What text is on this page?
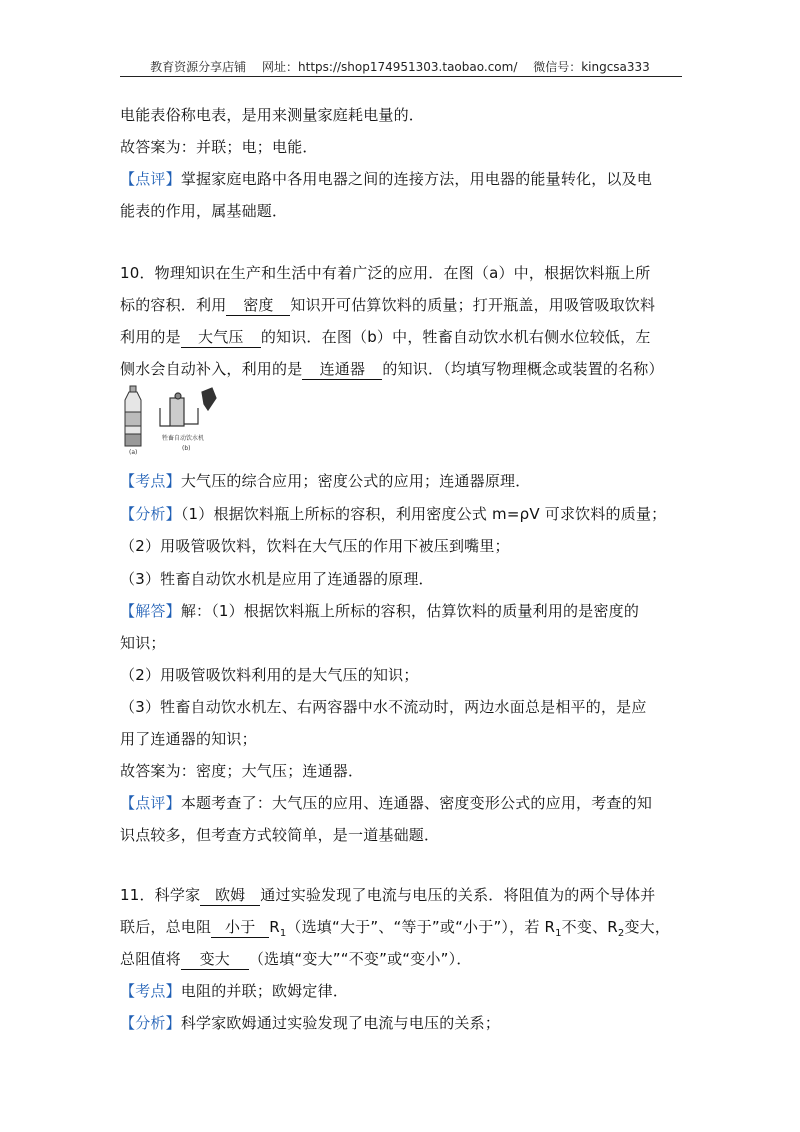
教育资源分享店铺 网址：https://shop174951303.taobao.com/ 微信号：kingcsa333
电能表俗称电表，是用来测量家庭耗电量的．
故答案为：并联；电；电能．
【点评】掌握家庭电路中各用电器之间的连接方法，用电器的能量转化，以及电
能表的作用，属基础题．
10．物理知识在生产和生活中有着广泛的应用．在图（a）中，根据饮料瓶上所
标的容积．利用 密度 知识开可估算饮料的质量；打开瓶盖，用吸管吸取饮料
利用的是 大气压 的知识．在图（b）中，牲畜自动饮水机右侧水位较低，左
侧水会自动补入，利用的是 连通器 的知识．（均填写物理概念或装置的名称）
(a)
牲畜自动饮水机
(b)
【考点】大气压的综合应用；密度公式的应用；连通器原理．
【分析】（1）根据饮料瓶上所标的容积，利用密度公式 m=ρV 可求饮料的质量；
（2）用吸管吸饮料，饮料在大气压的作用下被压到嘴里；
（3）牲畜自动饮水机是应用了连通器的原理．
【解答】解：（1）根据饮料瓶上所标的容积，估算饮料的质量利用的是密度的
知识；
（2）用吸管吸饮料利用的是大气压的知识；
（3）牲畜自动饮水机左、右两容器中水不流动时，两边水面总是相平的，是应
用了连通器的知识；
故答案为：密度；大气压；连通器．
【点评】本题考查了：大气压的应用、连通器、密度变形公式的应用，考查的知
识点较多，但考查方式较简单，是一道基础题．
11．科学家 欧姆 通过实验发现了电流与电压的关系．将阻值为的两个导体并
联后，总电阻 小于 $R_1$（选填“大于”、“等于”或“小于”），若 $R_1$不变、$R_2$变大，
总阻值将 变大 （选填“变大”“不变”或“变小”）．
【考点】电阻的并联；欧姆定律．
【分析】科学家欧姆通过实验发现了电流与电压的关系；
